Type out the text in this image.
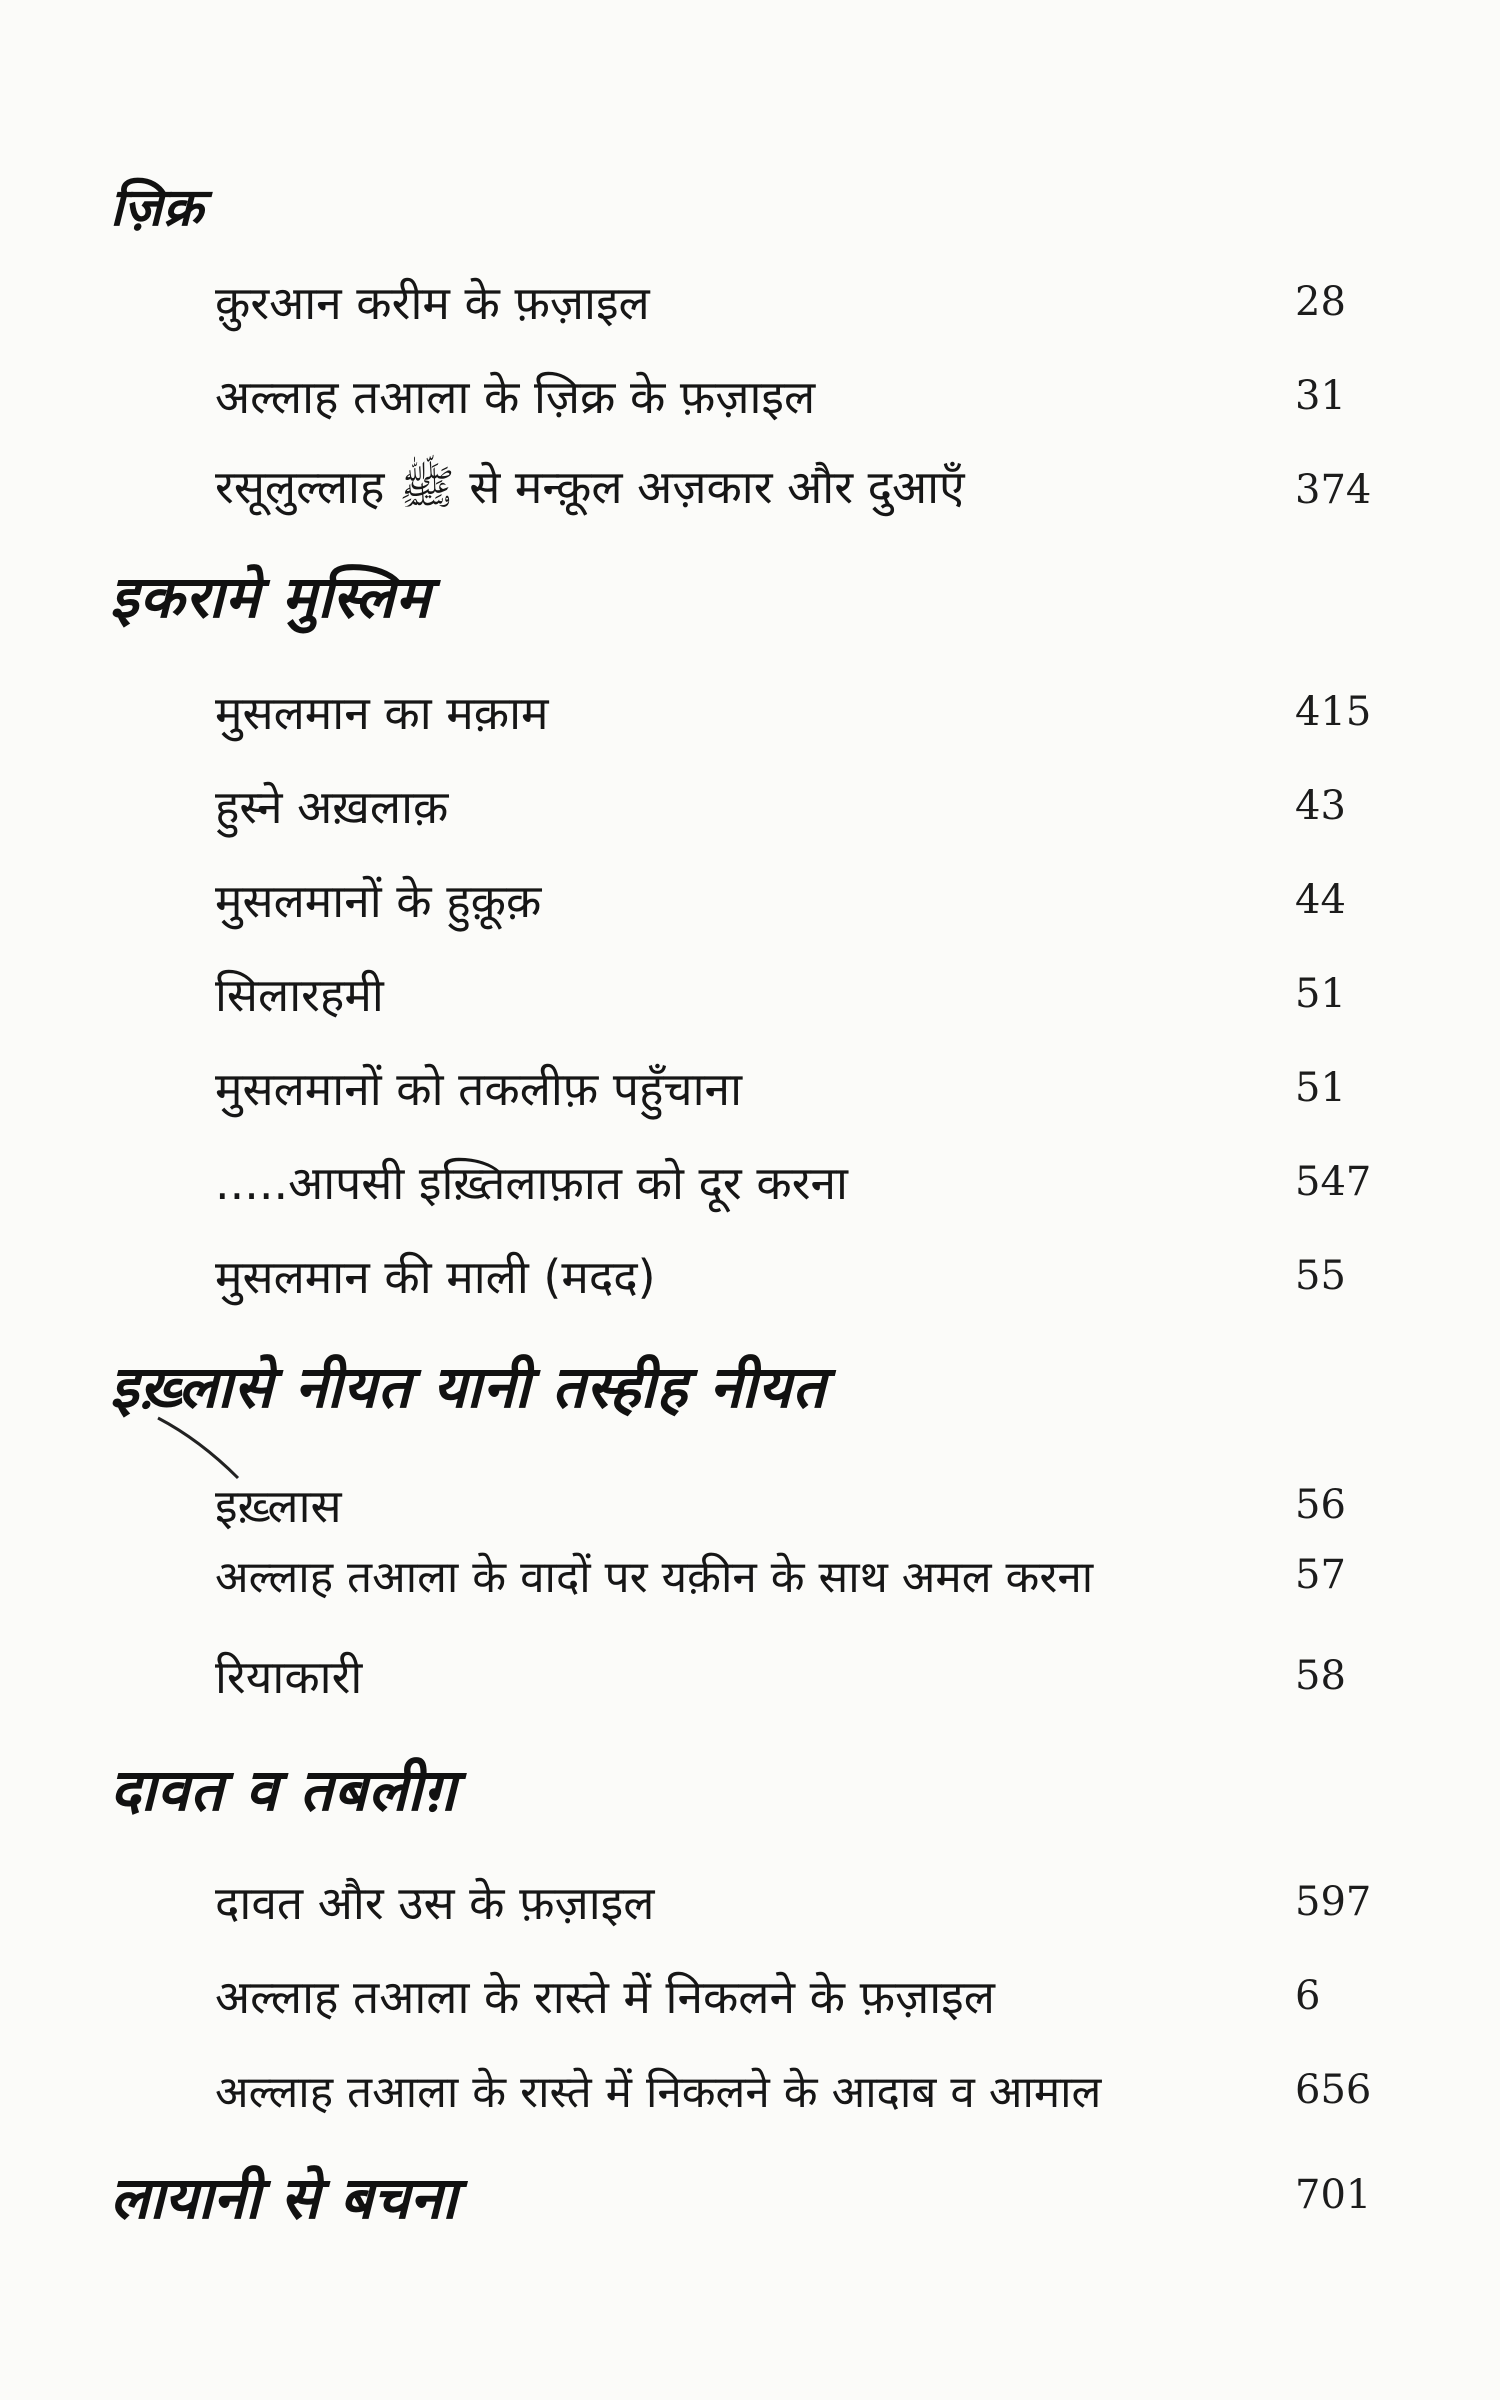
ज़िक्र
क़ुरआन करीम के फ़ज़ाइल	28
अल्लाह तआला के ज़िक्र के फ़ज़ाइल	31
रसूलुल्लाह ﷺ से मन्क़ूल अज़कार और दुआएँ	374
इकरामे मुस्लिम
मुसलमान का मक़ाम	415
हुस्ने अख़लाक़	43
मुसलमानों के हुक़ूक़	44
सिलारहमी	51
मुसलमानों को तकलीफ़ पहुँचाना	51
.....आपसी इख़्तिलाफ़ात को दूर करना	547
मुसलमान की माली (मदद)	55
इख़्लासे नीयत यानी तस्हीह नीयत
इख़्लास	56
अल्लाह तआला के वादों पर यक़ीन के साथ अमल करना	57
रियाकारी	58
दावत व तबलीग़
दावत और उस के फ़ज़ाइल	597
अल्लाह तआला के रास्ते में निकलने के फ़ज़ाइल	6
अल्लाह तआला के रास्ते में निकलने के आदाब व आमाल	656
लायानी से बचना	701
